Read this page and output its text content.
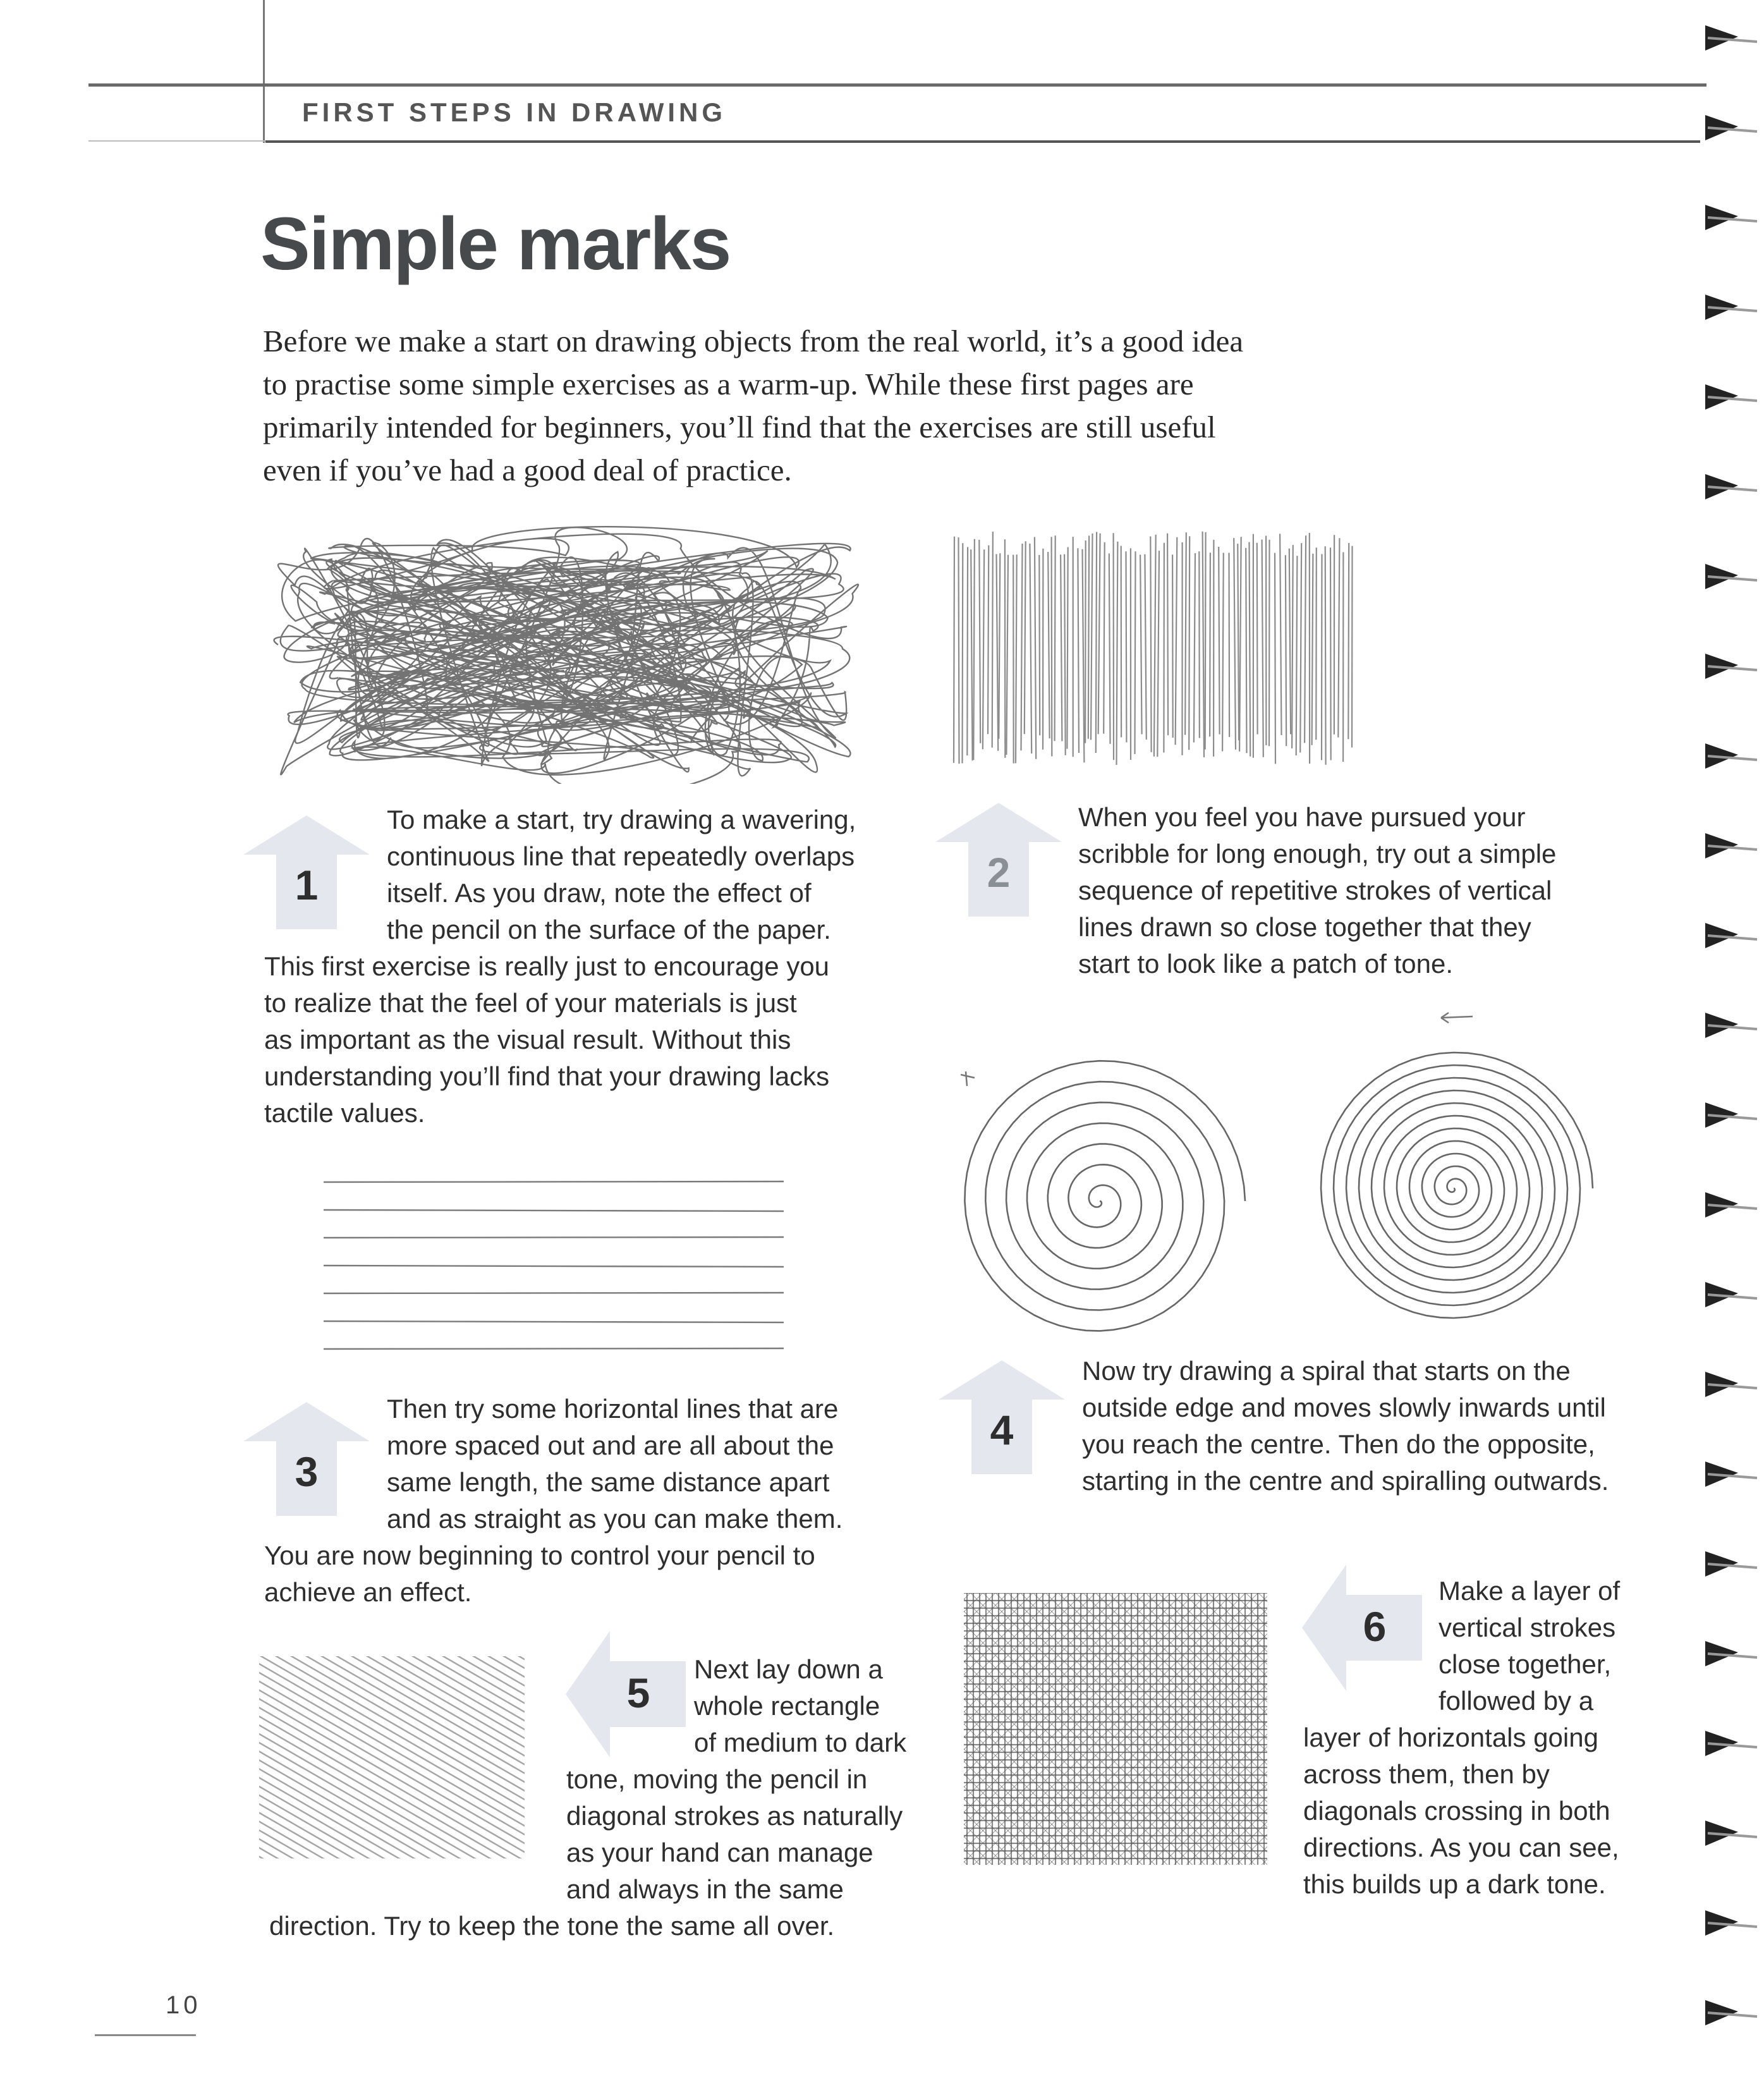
FIRST STEPS IN DRAWING
Simple marks

Before we make a start on drawing objects from the real world, it’s a good idea

to practise some simple exercises as a warm-up. While these first pages are

primarily intended for beginners, you’ll find that the exercises are still useful

even if you’ve had a good deal of practice.

1
To make a start, try drawing a wavering,
continuous line that repeatedly overlaps
itself. As you draw, note the effect of
the pencil on the surface of the paper.
This first exercise is really just to encourage you
to realize that the feel of your materials is just
as important as the visual result. Without this
understanding you’ll find that your drawing lacks
tactile values.
2
When you feel you have pursued your
scribble for long enough, try out a simple
sequence of repetitive strokes of vertical
lines drawn so close together that they
start to look like a patch of tone.
3
Then try some horizontal lines that are
more spaced out and are all about the
same length, the same distance apart
and as straight as you can make them.
You are now beginning to control your pencil to
achieve an effect.
4
Now try drawing a spiral that starts on the
outside edge and moves slowly inwards until
you reach the centre. Then do the opposite,
starting in the centre and spiralling outwards.
5
Next lay down a
whole rectangle
of medium to dark
tone, moving the pencil in
diagonal strokes as naturally
as your hand can manage
and always in the same
direction. Try to keep the tone the same all over.
6
Make a layer of
vertical strokes
close together,
followed by a
layer of horizontals going
across them, then by
diagonals crossing in both
directions. As you can see,
this builds up a dark tone.
10
